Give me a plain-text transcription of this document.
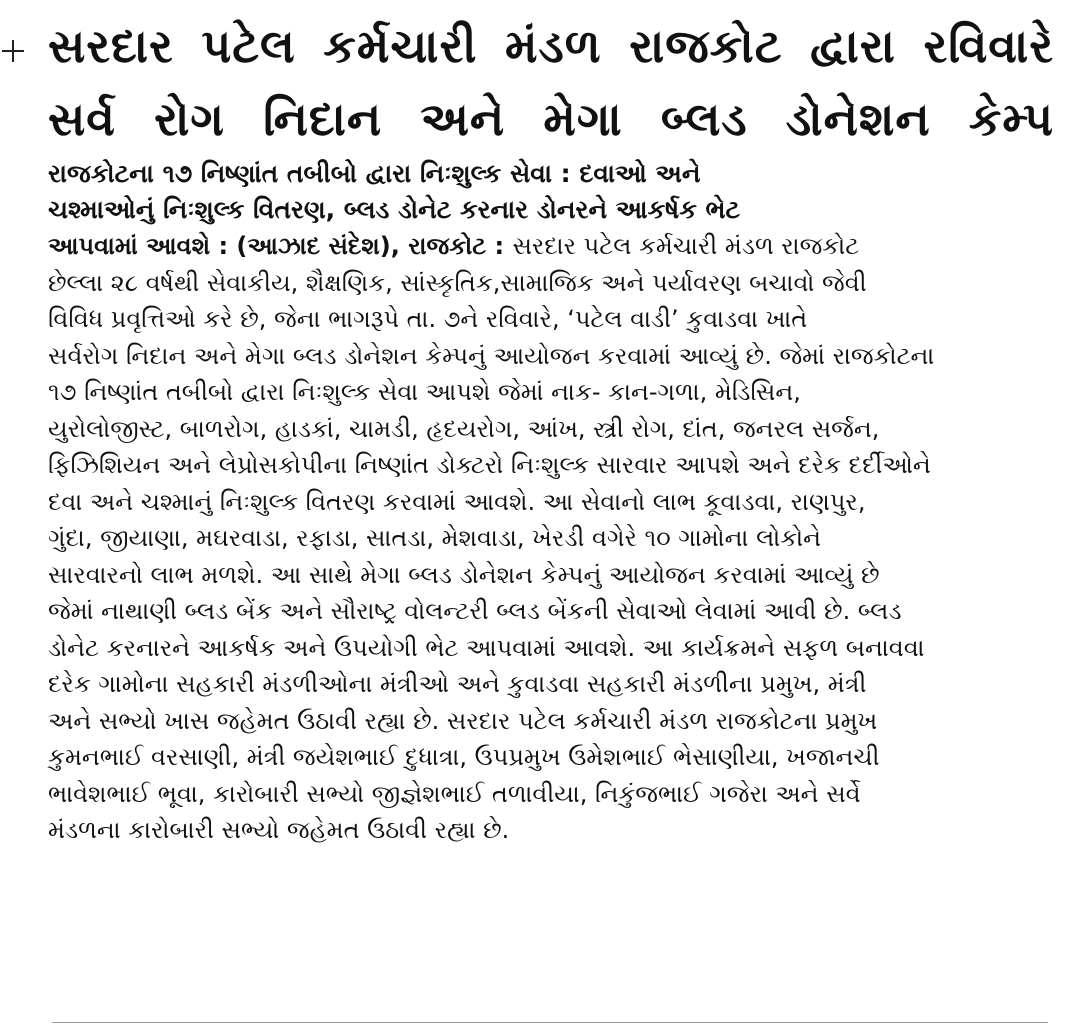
સરદાર પટેલ કર્મચારી મંડળ રાજકોટ દ્વારા રવિવારે
સર્વ રોગ નિદાન અને મેગા બ્લડ ડોનેશન કેમ્પ
રાજકોટના ૧૭ નિષ્ણાંત તબીબો દ્વારા નિઃશુલ્ક સેવા : દવાઓ અને
ચશ્માઓનું નિઃશુલ્ક વિતરણ, બ્લડ ડોનેટ કરનાર ડોનરને આકર્ષક ભેટ
આપવામાં આવશે : (આઝાદ સંદેશ), રાજકોટ : સરદાર પટેલ કર્મચારી મંડળ રાજકોટ
છેલ્લા ૨૮ વર્ષથી સેવાકીય, શૈક્ષણિક, સાંસ્કૃતિક,સામાજિક અને પર્યાવરણ બચાવો જેવી
વિવિધ પ્રવૃત્તિઓ કરે છે, જેના ભાગરૂપે તા. ૭ને રવિવારે, ‘પટેલ વાડી’ કુવાડવા ખાતે
સર્વરોગ નિદાન અને મેગા બ્લડ ડોનેશન કેમ્પનું આયોજન કરવામાં આવ્યું છે. જેમાં રાજકોટના
૧૭ નિષ્ણાંત તબીબો દ્વારા નિઃશુલ્ક સેવા આપશે જેમાં નાક- કાન-ગળા, મેડિસિન,
યુરોલોજીસ્ટ, બાળરોગ, હાડકાં, ચામડી, હૃદયરોગ, આંખ, સ્ત્રી રોગ, દાંત, જનરલ સર્જન,
ફિઝિશિયન અને લેપ્રોસકોપીના નિષ્ણાંત ડોક્ટરો નિઃશુલ્ક સારવાર આપશે અને દરેક દર્દીઓને
દવા અને ચશ્માનું નિઃશુલ્ક વિતરણ કરવામાં આવશે. આ સેવાનો લાભ કૂવાડવા, રાણપુર,
ગુંદા, જીયાણા, મઘરવાડા, રફાડા, સાતડા, મેશવાડા, ખેરડી વગેરે ૧૦ ગામોના લોકોને
સારવારનો લાભ મળશે. આ સાથે મેગા બ્લડ ડોનેશન કેમ્પનું આયોજન કરવામાં આવ્યું છે
જેમાં નાથાણી બ્લડ બેંક અને સૌરાષ્ટ્ર વોલન્ટરી બ્લડ બેંકની સેવાઓ લેવામાં આવી છે. બ્લડ
ડોનેટ કરનારને આકર્ષક અને ઉપયોગી ભેટ આપવામાં આવશે. આ કાર્યક્રમને સફળ બનાવવા
દરેક ગામોના સહકારી મંડળીઓના મંત્રીઓ અને કુવાડવા સહકારી મંડળીના પ્રમુખ, મંત્રી
અને સભ્યો ખાસ જહેમત ઉઠાવી રહ્યા છે. સરદાર પટેલ કર્મચારી મંડળ રાજકોટના પ્રમુખ
કુમનભાઈ વરસાણી, મંત્રી જયેશભાઈ દુધાત્રા, ઉપપ્રમુખ ઉમેશભાઈ ભેસાણીયા, ખજાનચી
ભાવેશભાઈ ભૂવા, કારોબારી સભ્યો જીજ્ઞેશભાઈ તળાવીયા, નિકુંજભાઈ ગજેરા અને સર્વે
મંડળના કારોબારી સભ્યો જહેમત ઉઠાવી રહ્યા છે.
